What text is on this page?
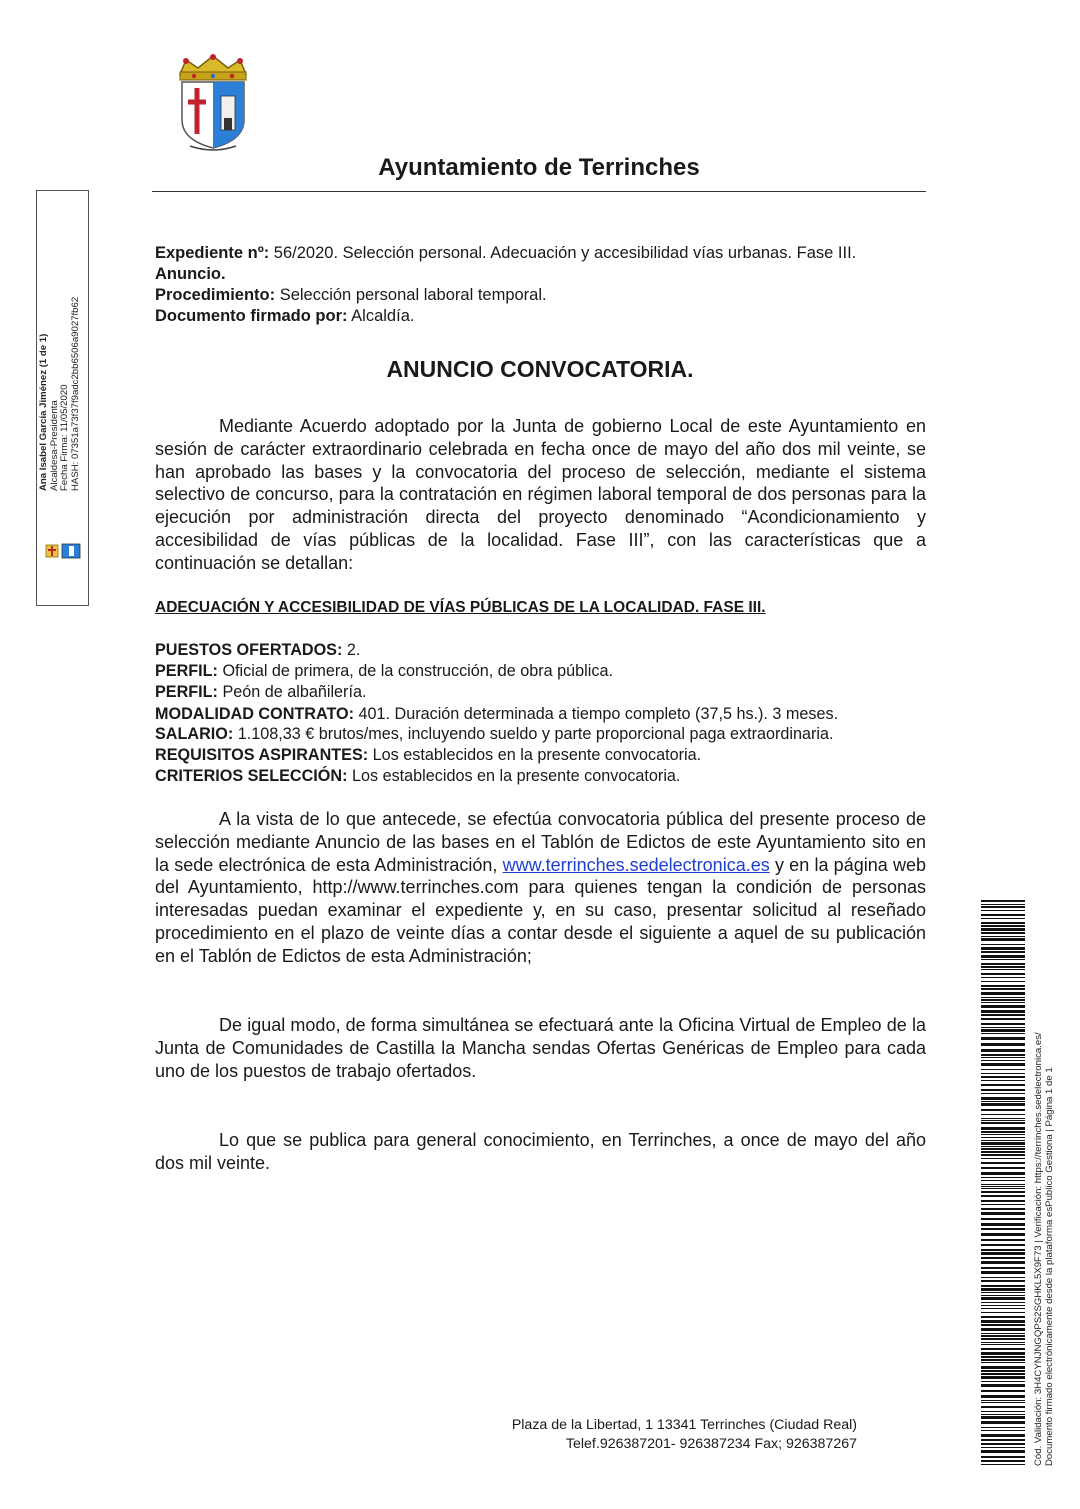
Ayuntamiento de Terrinches
Expediente nº: 56/2020. Selección personal. Adecuación y accesibilidad vías urbanas. Fase III.
Anuncio.
Procedimiento: Selección personal laboral temporal.
Documento firmado por: Alcaldía.
ANUNCIO CONVOCATORIA.
Mediante Acuerdo adoptado por la Junta de gobierno Local de este Ayuntamiento en sesión de carácter extraordinario celebrada en fecha once de mayo del año dos mil veinte, se han aprobado las bases y la convocatoria del proceso de selección, mediante el sistema selectivo de concurso, para la contratación en régimen laboral temporal de dos personas para la ejecución por administración directa del proyecto denominado “Acondicionamiento y accesibilidad de vías públicas de la localidad. Fase III”, con las características que a continuación se detallan:
ADECUACIÓN Y ACCESIBILIDAD DE VÍAS PÚBLICAS DE LA LOCALIDAD. FASE III.
PUESTOS OFERTADOS: 2.
PERFIL: Oficial de primera, de la construcción, de obra pública.
PERFIL: Peón de albañilería.
MODALIDAD CONTRATO: 401. Duración determinada a tiempo completo (37,5 hs.). 3 meses.
SALARIO: 1.108,33 € brutos/mes, incluyendo sueldo y parte proporcional paga extraordinaria.
REQUISITOS ASPIRANTES: Los establecidos en la presente convocatoria.
CRITERIOS SELECCIÓN: Los establecidos en la presente convocatoria.
A la vista de lo que antecede, se efectúa convocatoria pública del presente proceso de selección mediante Anuncio de las bases en el Tablón de Edictos de este Ayuntamiento sito en la sede electrónica de esta Administración, www.terrinches.sedelectronica.es y en la página web del Ayuntamiento, http://www.terrinches.com para quienes tengan la condición de personas interesadas puedan examinar el expediente y, en su caso, presentar solicitud al reseñado procedimiento en el plazo de veinte días a contar desde el siguiente a aquel de su publicación en el Tablón de Edictos de esta Administración;
De igual modo, de forma simultánea se efectuará ante la Oficina Virtual de Empleo de la Junta de Comunidades de Castilla la Mancha sendas Ofertas Genéricas de Empleo para cada uno de los puestos de trabajo ofertados.
Lo que se publica para general conocimiento, en Terrinches, a once de mayo del año dos mil veinte.
Plaza de la Libertad, 1 13341 Terrinches (Ciudad Real)
Telef.926387201- 926387234 Fax; 926387267
Ana Isabel García Jiménez (1 de 1) Alcaldesa-Presidenta Fecha Firma: 11/05/2020 HASH: 07351a73f37f9adc2bb6506a9027fb62
Cód. Validación: 3H4CYNJNGQPS2SGHKL5X9F73 | Verificación: https://terrinches.sedelectronica.es/ Documento firmado electrónicamente desde la plataforma esPublico Gestiona | Página 1 de 1
